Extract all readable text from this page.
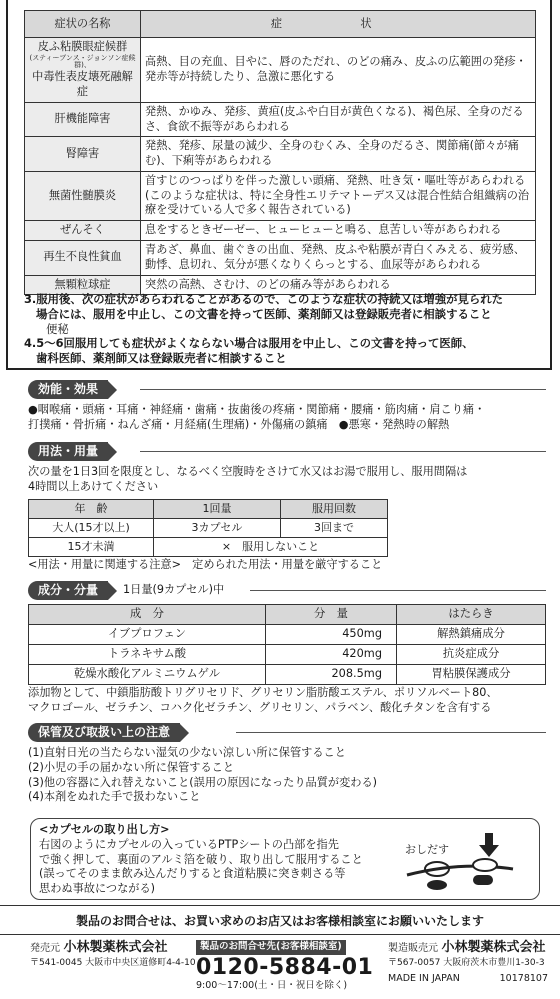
症状の名称	症　状
皮ふ粘膜眼症候群
(スティーブンス・ジョンソン症候群)、
中毒性表皮壊死融解症	高熱、目の充血、目やに、唇のただれ、のどの痛み、皮ふの広範囲の発疹・発赤等が持続したり、急激に悪化する
肝機能障害	発熱、かゆみ、発疹、黄疸(皮ふや白目が黄色くなる)、褐色尿、全身のだるさ、食欲不振等があらわれる
腎障害	発熱、発疹、尿量の減少、全身のむくみ、全身のだるさ、関節痛(節々が痛む)、下痢等があらわれる
無菌性髄膜炎	首すじのつっぱりを伴った激しい頭痛、発熱、吐き気・嘔吐等があらわれる(このような症状は、特に全身性エリテマトーデス又は混合性結合組織病の治療を受けている人で多く報告されている)
ぜんそく	息をするときゼーゼー、ヒューヒューと鳴る、息苦しい等があらわれる
再生不良性貧血	青あざ、鼻血、歯ぐきの出血、発熱、皮ふや粘膜が青白くみえる、疲労感、動悸、息切れ、気分が悪くなりくらっとする、血尿等があらわれる
無顆粒球症	突然の高熱、さむけ、のどの痛み等があらわれる
3.服用後、次の症状があらわれることがあるので、このような症状の持続又は増強が見られた
場合には、服用を中止し、この文書を持って医師、薬剤師又は登録販売者に相談すること
便秘
4.5～6回服用しても症状がよくならない場合は服用を中止し、この文書を持って医師、
歯科医師、薬剤師又は登録販売者に相談すること
効能・効果
●咽喉痛・頭痛・耳痛・神経痛・歯痛・抜歯後の疼痛・関節痛・腰痛・筋肉痛・肩こり痛・
打撲痛・骨折痛・ねんざ痛・月経痛(生理痛)・外傷痛の鎮痛　●悪寒・発熱時の解熱
用法・用量
次の量を1日3回を限度とし、なるべく空腹時をさけて水又はお湯で服用し、服用間隔は
4時間以上あけてください
年　齢	1回量	服用回数
大人(15才以上)	3カプセル	3回まで
15才未満	×　服用しないこと	
<用法・用量に関連する注意>　定められた用法・用量を厳守すること
成分・分量	1日量(9カプセル)中
成　分	分　量	はたらき
イブプロフェン	450mg	解熱鎮痛成分
トラネキサム酸	420mg	抗炎症成分
乾燥水酸化アルミニウムゲル	208.5mg	胃粘膜保護成分
添加物として、中鎖脂肪酸トリグリセリド、グリセリン脂肪酸エステル、ポリソルベート80、
マクロゴール、ゼラチン、コハク化ゼラチン、グリセリン、パラベン、酸化チタンを含有する
保管及び取扱い上の注意
(1)直射日光の当たらない湿気の少ない涼しい所に保管すること
(2)小児の手の届かない所に保管すること
(3)他の容器に入れ替えないこと(誤用の原因になったり品質が変わる)
(4)本剤をぬれた手で扱わないこと
<カプセルの取り出し方>
右図のようにカプセルの入っているPTPシートの凸部を指先
で強く押して、裏面のアルミ箔を破り、取り出して服用すること
(誤ってそのまま飲み込んだりすると食道粘膜に突き刺さる等
思わぬ事故につながる)
おしだす
製品のお問合せは、お買い求めのお店又はお客様相談室にお願いいたします
発売元 小林製薬株式会社
〒541-0045 大阪市中央区道修町4-4-10
製品のお問合せ先(お客様相談室)
0120-5884-01
9:00～17:00(土・日・祝日を除く)
製造販売元 小林製薬株式会社
〒567-0057 大阪府茨木市豊川1-30-3
MADE IN JAPAN	10178107
